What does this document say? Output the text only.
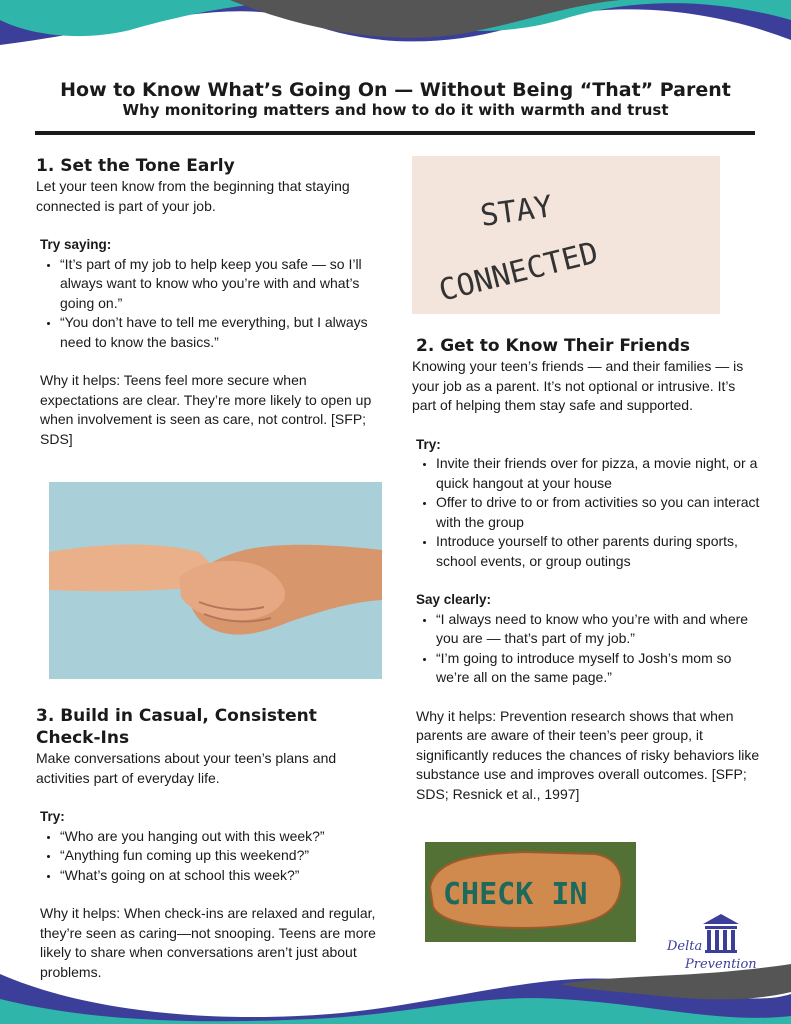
How to Know What’s Going On — Without Being “That” Parent
Why monitoring matters and how to do it with warmth and trust
1. Set the Tone Early

Let your teen know from the beginning that staying connected is part of your job.

Try saying:
• “It’s part of my job to help keep you safe — so I’ll always want to know who you’re with and what’s going on.”
• “You don’t have to tell me everything, but I always need to know the basics.”

Why it helps: Teens feel more secure when expectations are clear. They’re more likely to open up when involvement is seen as care, not control. [SFP; SDS]

3. Build in Casual, Consistent Check-Ins

Make conversations about your teen’s plans and activities part of everyday life.

Try:
• “Who are you hanging out with this week?”
• “Anything fun coming up this weekend?”
• “What’s going on at school this week?”

Why it helps: When check-ins are relaxed and regular, they’re seen as caring—not snooping. Teens are more likely to share when conversations aren’t just about problems.

STAY
CONNECTED
2. Get to Know Their Friends

Knowing your teen’s friends — and their families — is your job as a parent. It’s not optional or intrusive. It’s part of helping them stay safe and supported.

Try:
• Invite their friends over for pizza, a movie night, or a quick hangout at your house
• Offer to drive to or from activities so you can interact with the group
• Introduce yourself to other parents during sports, school events, or group outings
Say clearly:
• “I always need to know who you’re with and where you are — that’s part of my job.”
• “I’m going to introduce myself to Josh’s mom so we’re all on the same page.”

Why it helps: Prevention research shows that when parents are aware of their teen’s peer group, it significantly reduces the chances of risky behaviors like substance use and improves overall outcomes. [SFP; SDS; Resnick et al., 1997]

CHECK IN
Delta
Prevention
